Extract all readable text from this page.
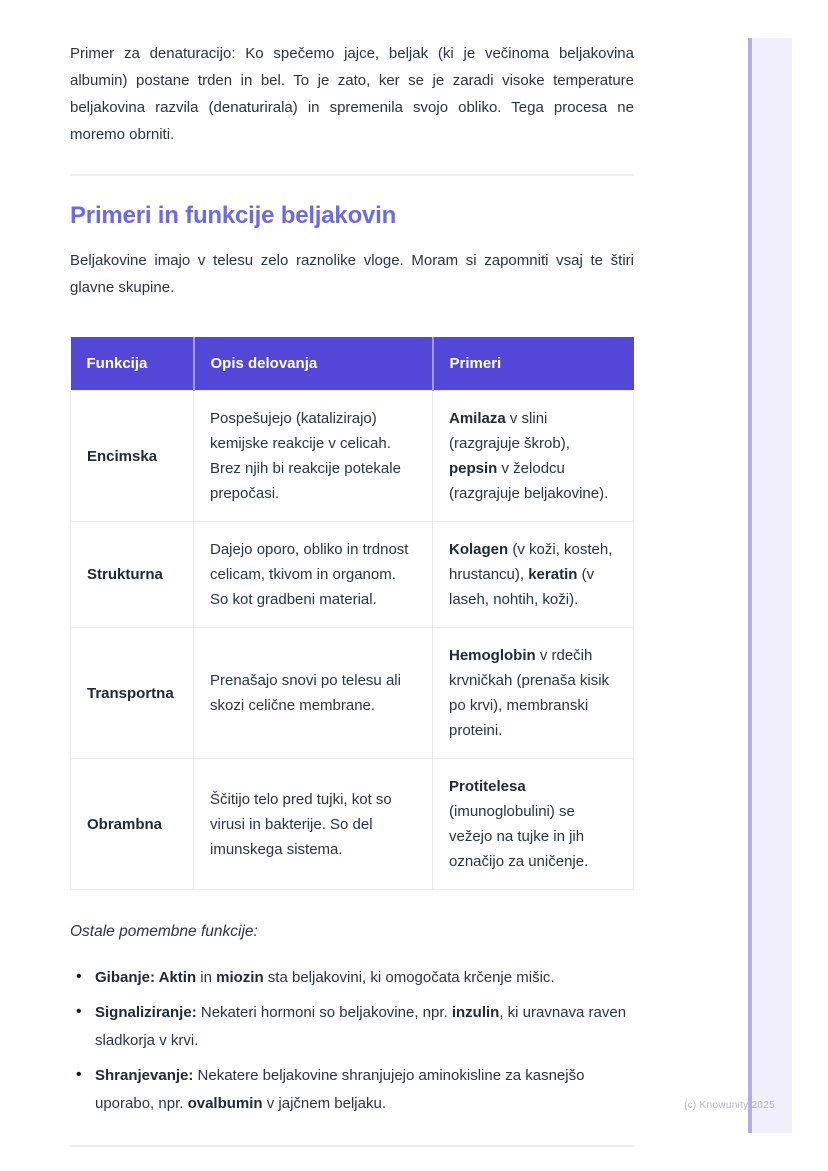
Primer za denaturacijo: Ko spečemo jajce, beljak (ki je večinoma beljakovina albumin) postane trden in bel. To je zato, ker se je zaradi visoke temperature beljakovina razvila (denaturirala) in spremenila svojo obliko. Tega procesa ne moremo obrniti.

Primeri in funkcije beljakovin

Beljakovine imajo v telesu zelo raznolike vloge. Moram si zapomniti vsaj te štiri glavne skupine.

Funkcija	Opis delovanja	Primeri
Encimska	Pospešujejo (katalizirajo) kemijske reakcije v celicah. Brez njih bi reakcije potekale prepočasi.	Amilaza v slini (razgrajuje škrob), pepsin v želodcu (razgrajuje beljakovine).
Strukturna	Dajejo oporo, obliko in trdnost celicam, tkivom in organom. So kot gradbeni material.	Kolagen (v koži, kosteh, hrustancu), keratin (v laseh, nohtih, koži).
Transportna	Prenašajo snovi po telesu ali skozi celične membrane.	Hemoglobin v rdečih krvničkah (prenaša kisik po krvi), membranski proteini.
Obrambna	Ščitijo telo pred tujki, kot so virusi in bakterije. So del imunskega sistema.	Protitelesa (imunoglobulini) se vežejo na tujke in jih označijo za uničenje.

Ostale pomembne funkcije:

• Gibanje: Aktin in miozin sta beljakovini, ki omogočata krčenje mišic.
• Signaliziranje: Nekateri hormoni so beljakovine, npr. inzulin, ki uravnava raven sladkorja v krvi.
• Shranjevanje: Nekatere beljakovine shranjujejo aminokisline za kasnejšo uporabo, npr. ovalbumin v jajčnem beljaku.	(c) Knowunity 2025
